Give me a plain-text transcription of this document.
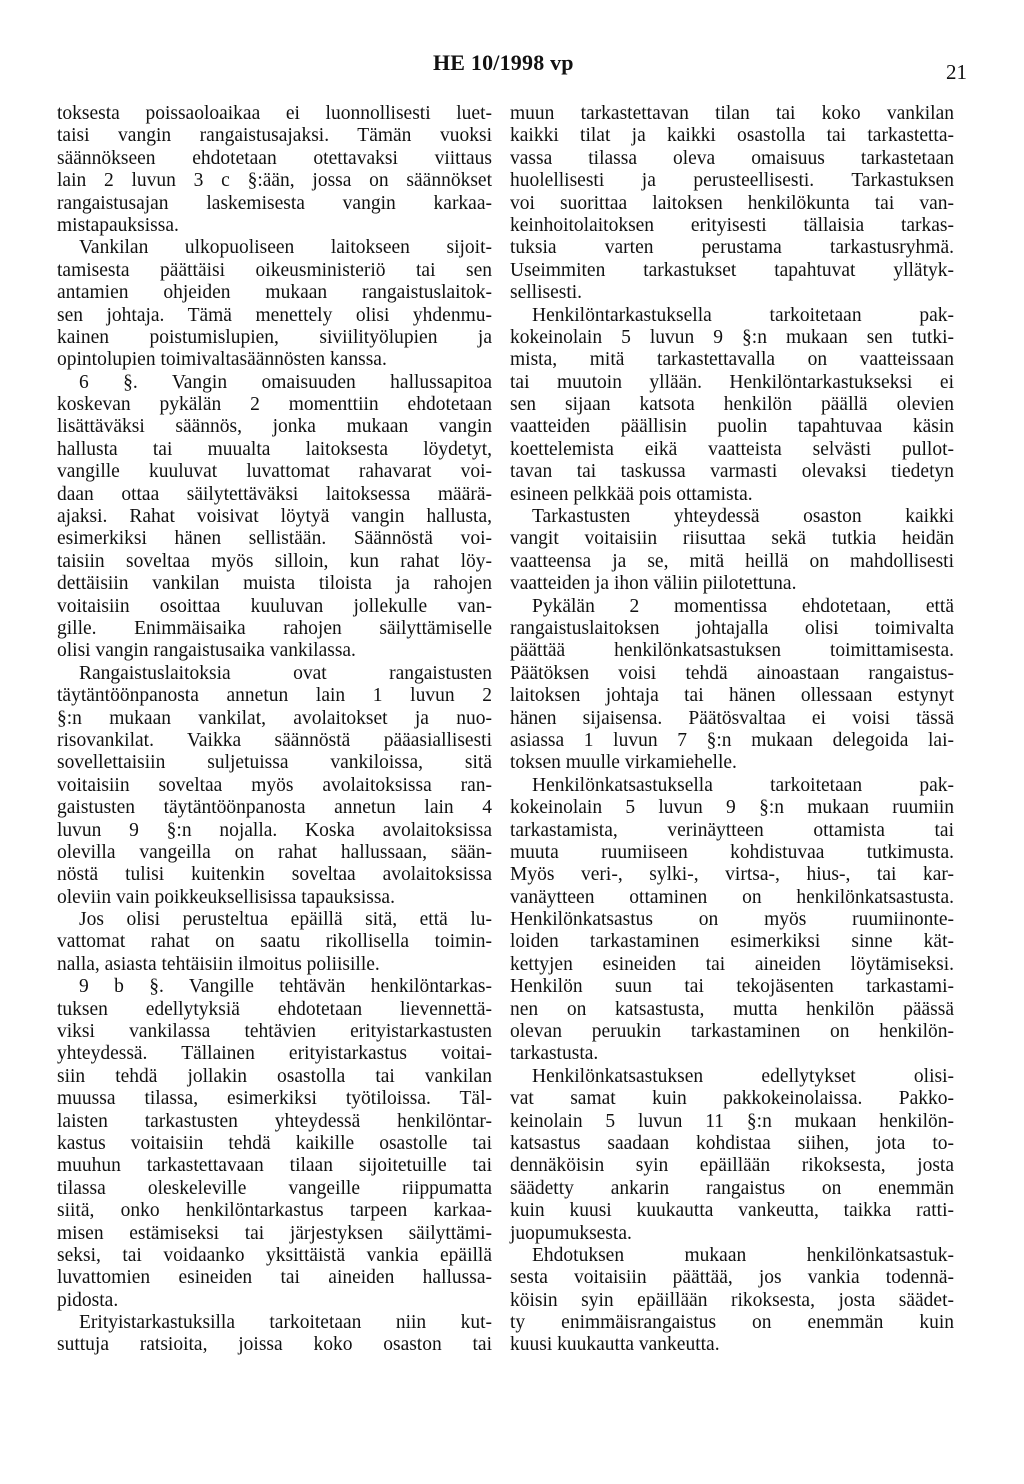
HE 10/1998 vp	21
toksesta poissaoloaikaa ei luonnollisesti luet-
taisi vangin rangaistusajaksi. Tämän vuoksi
säännökseen ehdotetaan otettavaksi viittaus
lain 2 luvun 3 c §:ään, jossa on säännökset
rangaistusajan laskemisesta vangin karkaa-
mistapauksissa.
Vankilan ulkopuoliseen laitokseen sijoit-
tamisesta päättäisi oikeusministeriö tai sen
antamien ohjeiden mukaan rangaistuslaitok-
sen johtaja. Tämä menettely olisi yhdenmu-
kainen poistumislupien, siviilityölupien ja
opintolupien toimivaltasäännösten kanssa.
6 §. Vangin omaisuuden hallussapitoa
koskevan pykälän 2 momenttiin ehdotetaan
lisättäväksi säännös, jonka mukaan vangin
hallusta tai muualta laitoksesta löydetyt,
vangille kuuluvat luvattomat rahavarat voi-
daan ottaa säilytettäväksi laitoksessa määrä-
ajaksi. Rahat voisivat löytyä vangin hallusta,
esimerkiksi hänen sellistään. Säännöstä voi-
taisiin soveltaa myös silloin, kun rahat löy-
dettäisiin vankilan muista tiloista ja rahojen
voitaisiin osoittaa kuuluvan jollekulle van-
gille. Enimmäisaika rahojen säilyttämiselle
olisi vangin rangaistusaika vankilassa.
Rangaistuslaitoksia ovat rangaistusten
täytäntöönpanosta annetun lain 1 luvun 2
§:n mukaan vankilat, avolaitokset ja nuo-
risovankilat. Vaikka säännöstä pääasiallisesti
sovellettaisiin suljetuissa vankiloissa, sitä
voitaisiin soveltaa myös avolaitoksissa ran-
gaistusten täytäntöönpanosta annetun lain 4
luvun 9 §:n nojalla. Koska avolaitoksissa
olevilla vangeilla on rahat hallussaan, sään-
nöstä tulisi kuitenkin soveltaa avolaitoksissa
oleviin vain poikkeuksellisissa tapauksissa.
Jos olisi perusteltua epäillä sitä, että lu-
vattomat rahat on saatu rikollisella toimin-
nalla, asiasta tehtäisiin ilmoitus poliisille.
9 b §. Vangille tehtävän henkilöntarkas-
tuksen edellytyksiä ehdotetaan lievennettä-
viksi vankilassa tehtävien erityistarkastusten
yhteydessä. Tällainen erityistarkastus voitai-
siin tehdä jollakin osastolla tai vankilan
muussa tilassa, esimerkiksi työtiloissa. Täl-
laisten tarkastusten yhteydessä henkilöntar-
kastus voitaisiin tehdä kaikille osastolle tai
muuhun tarkastettavaan tilaan sijoitetuille tai
tilassa oleskeleville vangeille riippumatta
siitä, onko henkilöntarkastus tarpeen karkaa-
misen estämiseksi tai järjestyksen säilyttämi-
seksi, tai voidaanko yksittäistä vankia epäillä
luvattomien esineiden tai aineiden hallussa-
pidosta.
Erityistarkastuksilla tarkoitetaan niin kut-
suttuja ratsioita, joissa koko osaston tai
muun tarkastettavan tilan tai koko vankilan
kaikki tilat ja kaikki osastolla tai tarkastetta-
vassa tilassa oleva omaisuus tarkastetaan
huolellisesti ja perusteellisesti. Tarkastuksen
voi suorittaa laitoksen henkilökunta tai van-
keinhoitolaitoksen erityisesti tällaisia tarkas-
tuksia varten perustama tarkastusryhmä.
Useimmiten tarkastukset tapahtuvat yllätyk-
sellisesti.
Henkilöntarkastuksella tarkoitetaan pak-
kokeinolain 5 luvun 9 §:n mukaan sen tutki-
mista, mitä tarkastettavalla on vaatteissaan
tai muutoin yllään. Henkilöntarkastukseksi ei
sen sijaan katsota henkilön päällä olevien
vaatteiden päällisin puolin tapahtuvaa käsin
koettelemista eikä vaatteista selvästi pullot-
tavan tai taskussa varmasti olevaksi tiedetyn
esineen pelkkää pois ottamista.
Tarkastusten yhteydessä osaston kaikki
vangit voitaisiin riisuttaa sekä tutkia heidän
vaatteensa ja se, mitä heillä on mahdollisesti
vaatteiden ja ihon väliin piilotettuna.
Pykälän 2 momentissa ehdotetaan, että
rangaistuslaitoksen johtajalla olisi toimivalta
päättää henkilönkatsastuksen toimittamisesta.
Päätöksen voisi tehdä ainoastaan rangaistus-
laitoksen johtaja tai hänen ollessaan estynyt
hänen sijaisensa. Päätösvaltaa ei voisi tässä
asiassa 1 luvun 7 §:n mukaan delegoida lai-
toksen muulle virkamiehelle.
Henkilönkatsastuksella tarkoitetaan pak-
kokeinolain 5 luvun 9 §:n mukaan ruumiin
tarkastamista, verinäytteen ottamista tai
muuta ruumiiseen kohdistuvaa tutkimusta.
Myös veri-, sylki-, virtsa-, hius-, tai kar-
vanäytteen ottaminen on henkilönkatsastusta.
Henkilönkatsastus on myös ruumiinonte-
loiden tarkastaminen esimerkiksi sinne kät-
kettyjen esineiden tai aineiden löytämiseksi.
Henkilön suun tai tekojäsenten tarkastami-
nen on katsastusta, mutta henkilön päässä
olevan peruukin tarkastaminen on henkilön-
tarkastusta.
Henkilönkatsastuksen edellytykset olisi-
vat samat kuin pakkokeinolaissa. Pakko-
keinolain 5 luvun 11 §:n mukaan henkilön-
katsastus saadaan kohdistaa siihen, jota to-
dennäköisin syin epäillään rikoksesta, josta
säädetty ankarin rangaistus on enemmän
kuin kuusi kuukautta vankeutta, taikka ratti-
juopumuksesta.
Ehdotuksen mukaan henkilönkatsastuk-
sesta voitaisiin päättää, jos vankia todennä-
köisin syin epäillään rikoksesta, josta säädet-
ty enimmäisrangaistus on enemmän kuin
kuusi kuukautta vankeutta.
